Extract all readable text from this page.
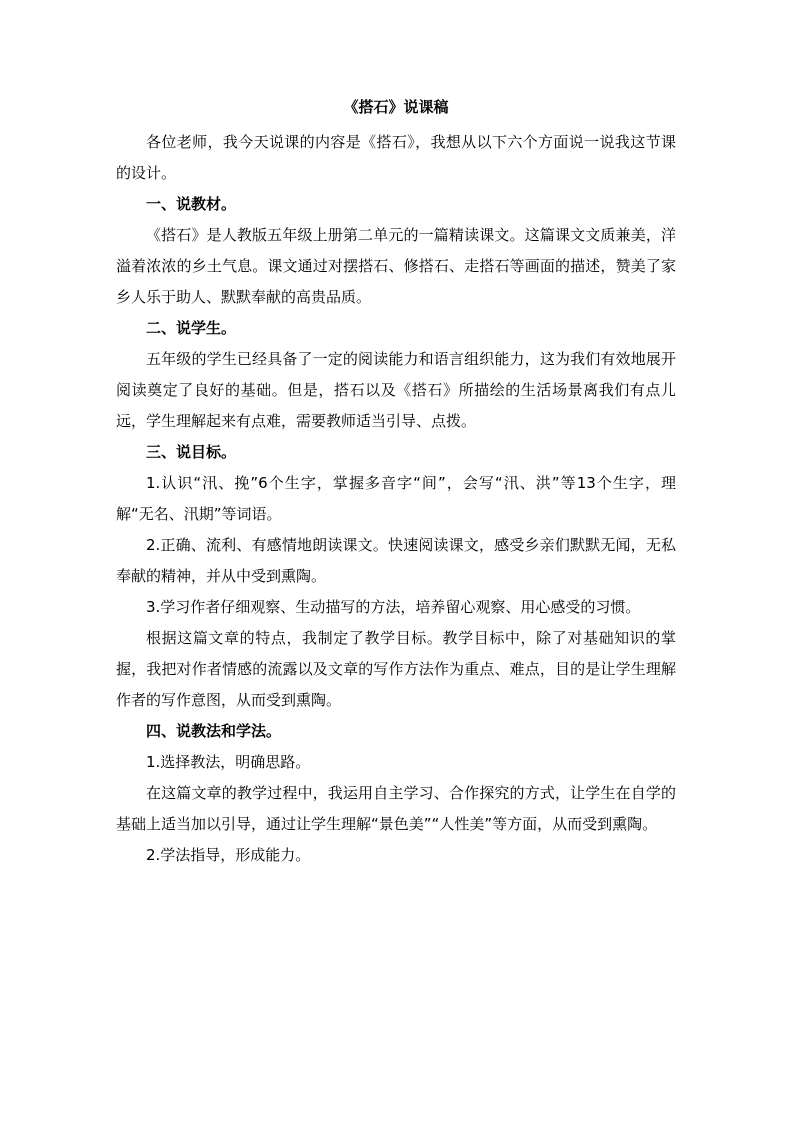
《搭石》说课稿

各位老师，我今天说课的内容是《搭石》，我想从以下六个方面说一说我这节课的设计。

一、说教材。

《搭石》是人教版五年级上册第二单元的一篇精读课文。这篇课文文质兼美，洋溢着浓浓的乡土气息。课文通过对摆搭石、修搭石、走搭石等画面的描述，赞美了家乡人乐于助人、默默奉献的高贵品质。

二、说学生。

五年级的学生已经具备了一定的阅读能力和语言组织能力，这为我们有效地展开阅读奠定了良好的基础。但是，搭石以及《搭石》所描绘的生活场景离我们有点儿远，学生理解起来有点难，需要教师适当引导、点拨。

三、说目标。

1.认识“汛、挽”6个生字，掌握多音字“间”，会写“汛、洪”等13个生字，理解“无名、汛期”等词语。

2.正确、流利、有感情地朗读课文。快速阅读课文，感受乡亲们默默无闻，无私奉献的精神，并从中受到熏陶。

3.学习作者仔细观察、生动描写的方法，培养留心观察、用心感受的习惯。

根据这篇文章的特点，我制定了教学目标。教学目标中，除了对基础知识的掌握，我把对作者情感的流露以及文章的写作方法作为重点、难点，目的是让学生理解作者的写作意图，从而受到熏陶。

四、说教法和学法。

1.选择教法，明确思路。

在这篇文章的教学过程中，我运用自主学习、合作探究的方式，让学生在自学的基础上适当加以引导，通过让学生理解“景色美”“人性美”等方面，从而受到熏陶。

2.学法指导，形成能力。
